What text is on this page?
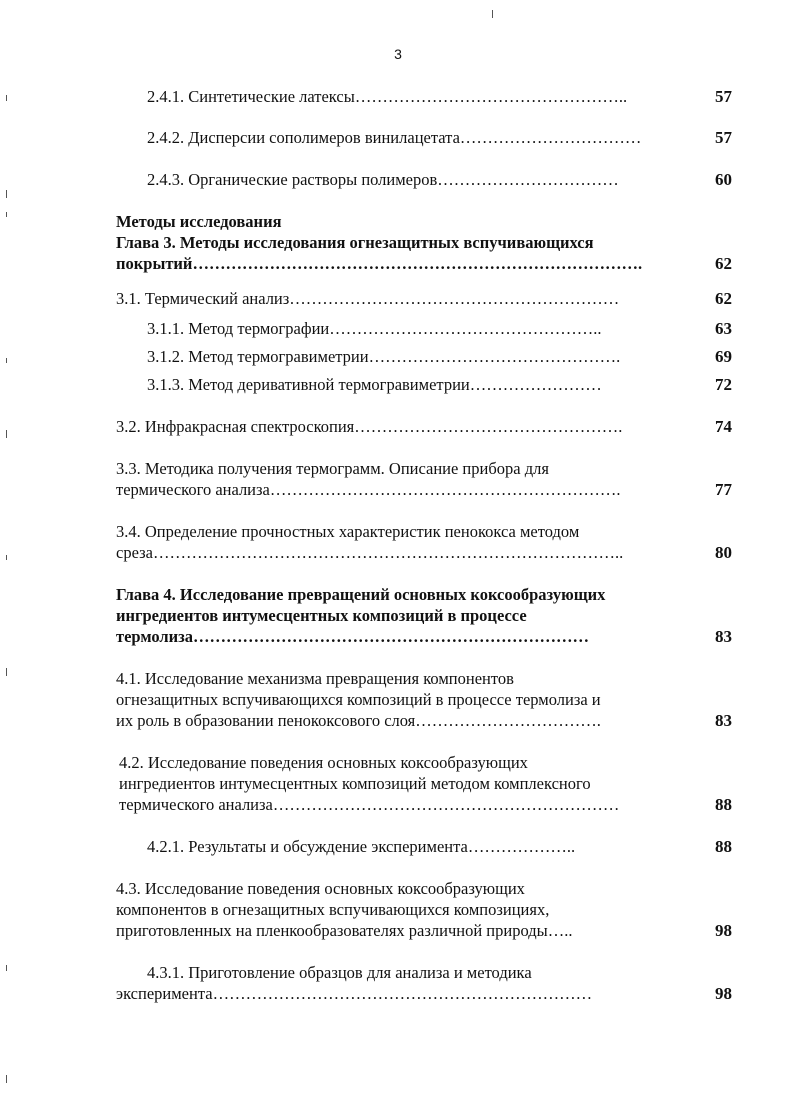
3
2.4.1. Синтетические латексы…………………………………………..	57
2.4.2. Дисперсии сополимеров винилацетата……………………………	57
2.4.3. Органические растворы полимеров……………………………	60
Методы исследования
Глава 3. Методы исследования огнезащитных вспучивающихся
покрытий……………………………………………………………………….	62
3.1. Термический анализ……………………………………………………	62
3.1.1. Метод термографии…………………………………………..	63
3.1.2. Метод термогравиметрии……………………………………….	69
3.1.3. Метод деривативной термогравиметрии……………………	72
3.2. Инфракрасная спектроскопия………………………………………….	74
3.3. Методика получения термограмм. Описание прибора для
термического анализа……………………………………………………….	77
3.4. Определение прочностных характеристик пенококса методом
среза…………………………………………………………………………..	80
Глава 4. Исследование превращений основных коксообразующих
ингредиентов интумесцентных композиций в процессе
термолиза………………………………………………………………	83
4.1. Исследование механизма превращения компонентов
огнезащитных вспучивающихся композиций в процессе термолиза и
их роль в образовании пенококсового слоя…………………………….	83
4.2. Исследование поведения основных коксообразующих
ингредиентов интумесцентных композиций методом комплексного
термического анализа………………………………………………………	88
4.2.1. Результаты и обсуждение эксперимента………………..	88
4.3. Исследование поведения основных коксообразующих
компонентов в огнезащитных вспучивающихся композициях,
приготовленных на пленкообразователях различной природы…..	98
4.3.1. Приготовление образцов для анализа и методика
эксперимента……………………………………………………………	98
